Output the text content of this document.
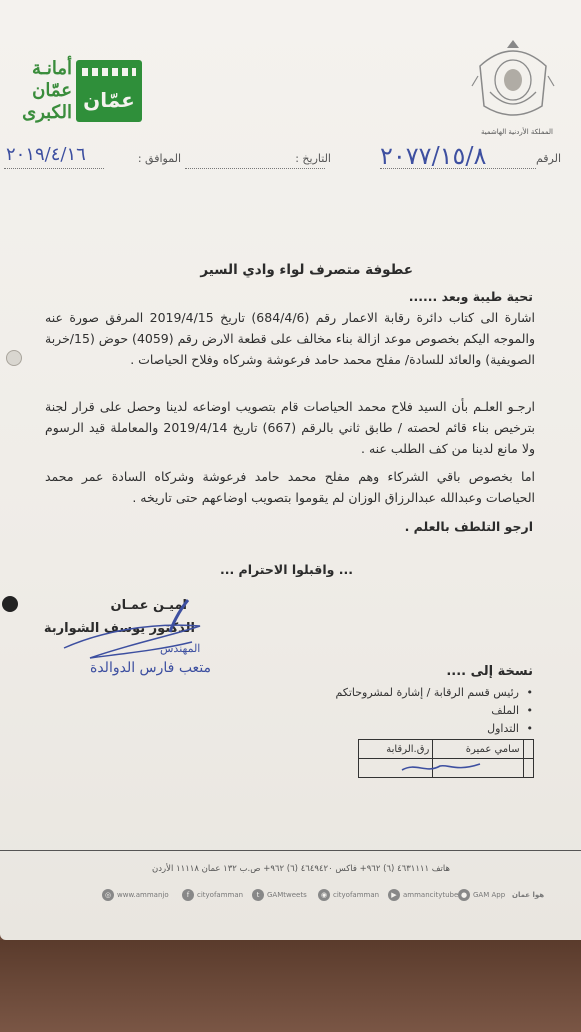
أمانـة
عمّان
الكبرى
عمّان
المملكة الأردنية الهاشمية
الرقم
٢٠٧٧/١٥/٨
التاريخ :
الموافق :
٢٠١٩/٤/١٦
عطوفة متصرف لواء وادي السير
تحية طيبة وبعد ......
اشارة الى كتاب دائرة رقابة الاعمار رقم (684/4/6) تاريخ 2019/4/15 المرفق صورة عنه والموجه اليكم بخصوص موعد ازالة بناء مخالف على قطعة الارض رقم (4059) حوض (15/خربة الصويفية) والعائد للسادة/ مفلح محمد حامد فرعوشة وشركاه وفلاح الحياصات .
ارجـو العلـم بأن السيد فلاح محمد الحياصات قام بتصويب اوضاعه لدينا وحصل على قرار لجنة بترخيص بناء قائم لحصته / طابق ثاني بالرقم (667) تاريخ 2019/4/14 والمعاملة قيد الرسوم ولا مانع لدينا من كف الطلب عنه .
اما بخصوص باقي الشركاء وهم مفلح محمد حامد فرعوشة وشركاه السادة عمر محمد الحياصات وعبدالله عبدالرزاق الوزان لم يقوموا بتصويب اوضاعهم حتى تاريخه .
ارجو التلطف بالعلم .
... واقبلوا الاحترام ...
اميـن عمـان
الدكتور يوسف الشواربة
المهندس
متعب فارس الدوالدة	نسخة إلى ....
• رئيس قسم الرقابة / إشارة لمشروحاتكم
• الملف
• التداول
رق.الرقابة	سامي عميرة	

هاتف ٤٦٣١١١١ (٦) ٩٦٢+ فاكس ٤٦٤٩٤٢٠ (٦) ٩٦٢+ ص.ب ١٣٢ عمان ١١١١٨ الأردن
◎ www.ammanjo	f	cityofamman	t	GAMtweets	◉ cityofamman	▶ ammancitytube ● GAM App هوا عمان
